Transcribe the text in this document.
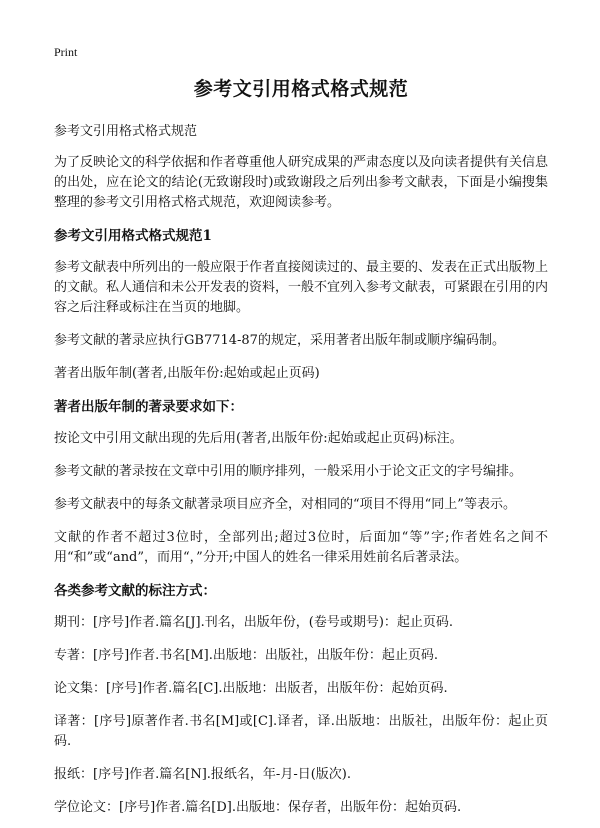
Print
参考文引用格式格式规范
参考文引用格式格式规范
为了反映论文的科学依据和作者尊重他人研究成果的严肃态度以及向读者提供有关信息的出处，应在论文的结论(无致谢段时)或致谢段之后列出参考文献表，下面是小编搜集整理的参考文引用格式格式规范，欢迎阅读参考。
参考文引用格式格式规范1
参考文献表中所列出的一般应限于作者直接阅读过的、最主要的、发表在正式出版物上的文献。私人通信和未公开发表的资料，一般不宜列入参考文献表，可紧跟在引用的内容之后注释或标注在当页的地脚。
参考文献的著录应执行GB7714-87的规定，采用著者出版年制或顺序编码制。
著者出版年制(著者,出版年份:起始或起止页码)
著者出版年制的著录要求如下：
按论文中引用文献出现的先后用(著者,出版年份:起始或起止页码)标注。
参考文献的著录按在文章中引用的顺序排列，一般采用小于论文正文的字号编排。
参考文献表中的每条文献著录项目应齐全，对相同的“项目不得用“同上”等表示。
文献的作者不超过3位时，全部列出;超过3位时，后面加“等”字;作者姓名之间不用“和”或“and”，而用“，”分开;中国人的姓名一律采用姓前名后著录法。
各类参考文献的标注方式：
期刊：[序号]作者.篇名[J].刊名，出版年份，(卷号或期号)：起止页码.
专著：[序号]作者.书名[M].出版地：出版社，出版年份：起止页码.
论文集：[序号]作者.篇名[C].出版地：出版者，出版年份：起始页码.
译著：[序号]原著作者.书名[M]或[C].译者，译.出版地：出版社，出版年份：起止页码.
报纸：[序号]作者.篇名[N].报纸名，年-月-日(版次).
学位论文：[序号]作者.篇名[D].出版地：保存者，出版年份：起始页码.
